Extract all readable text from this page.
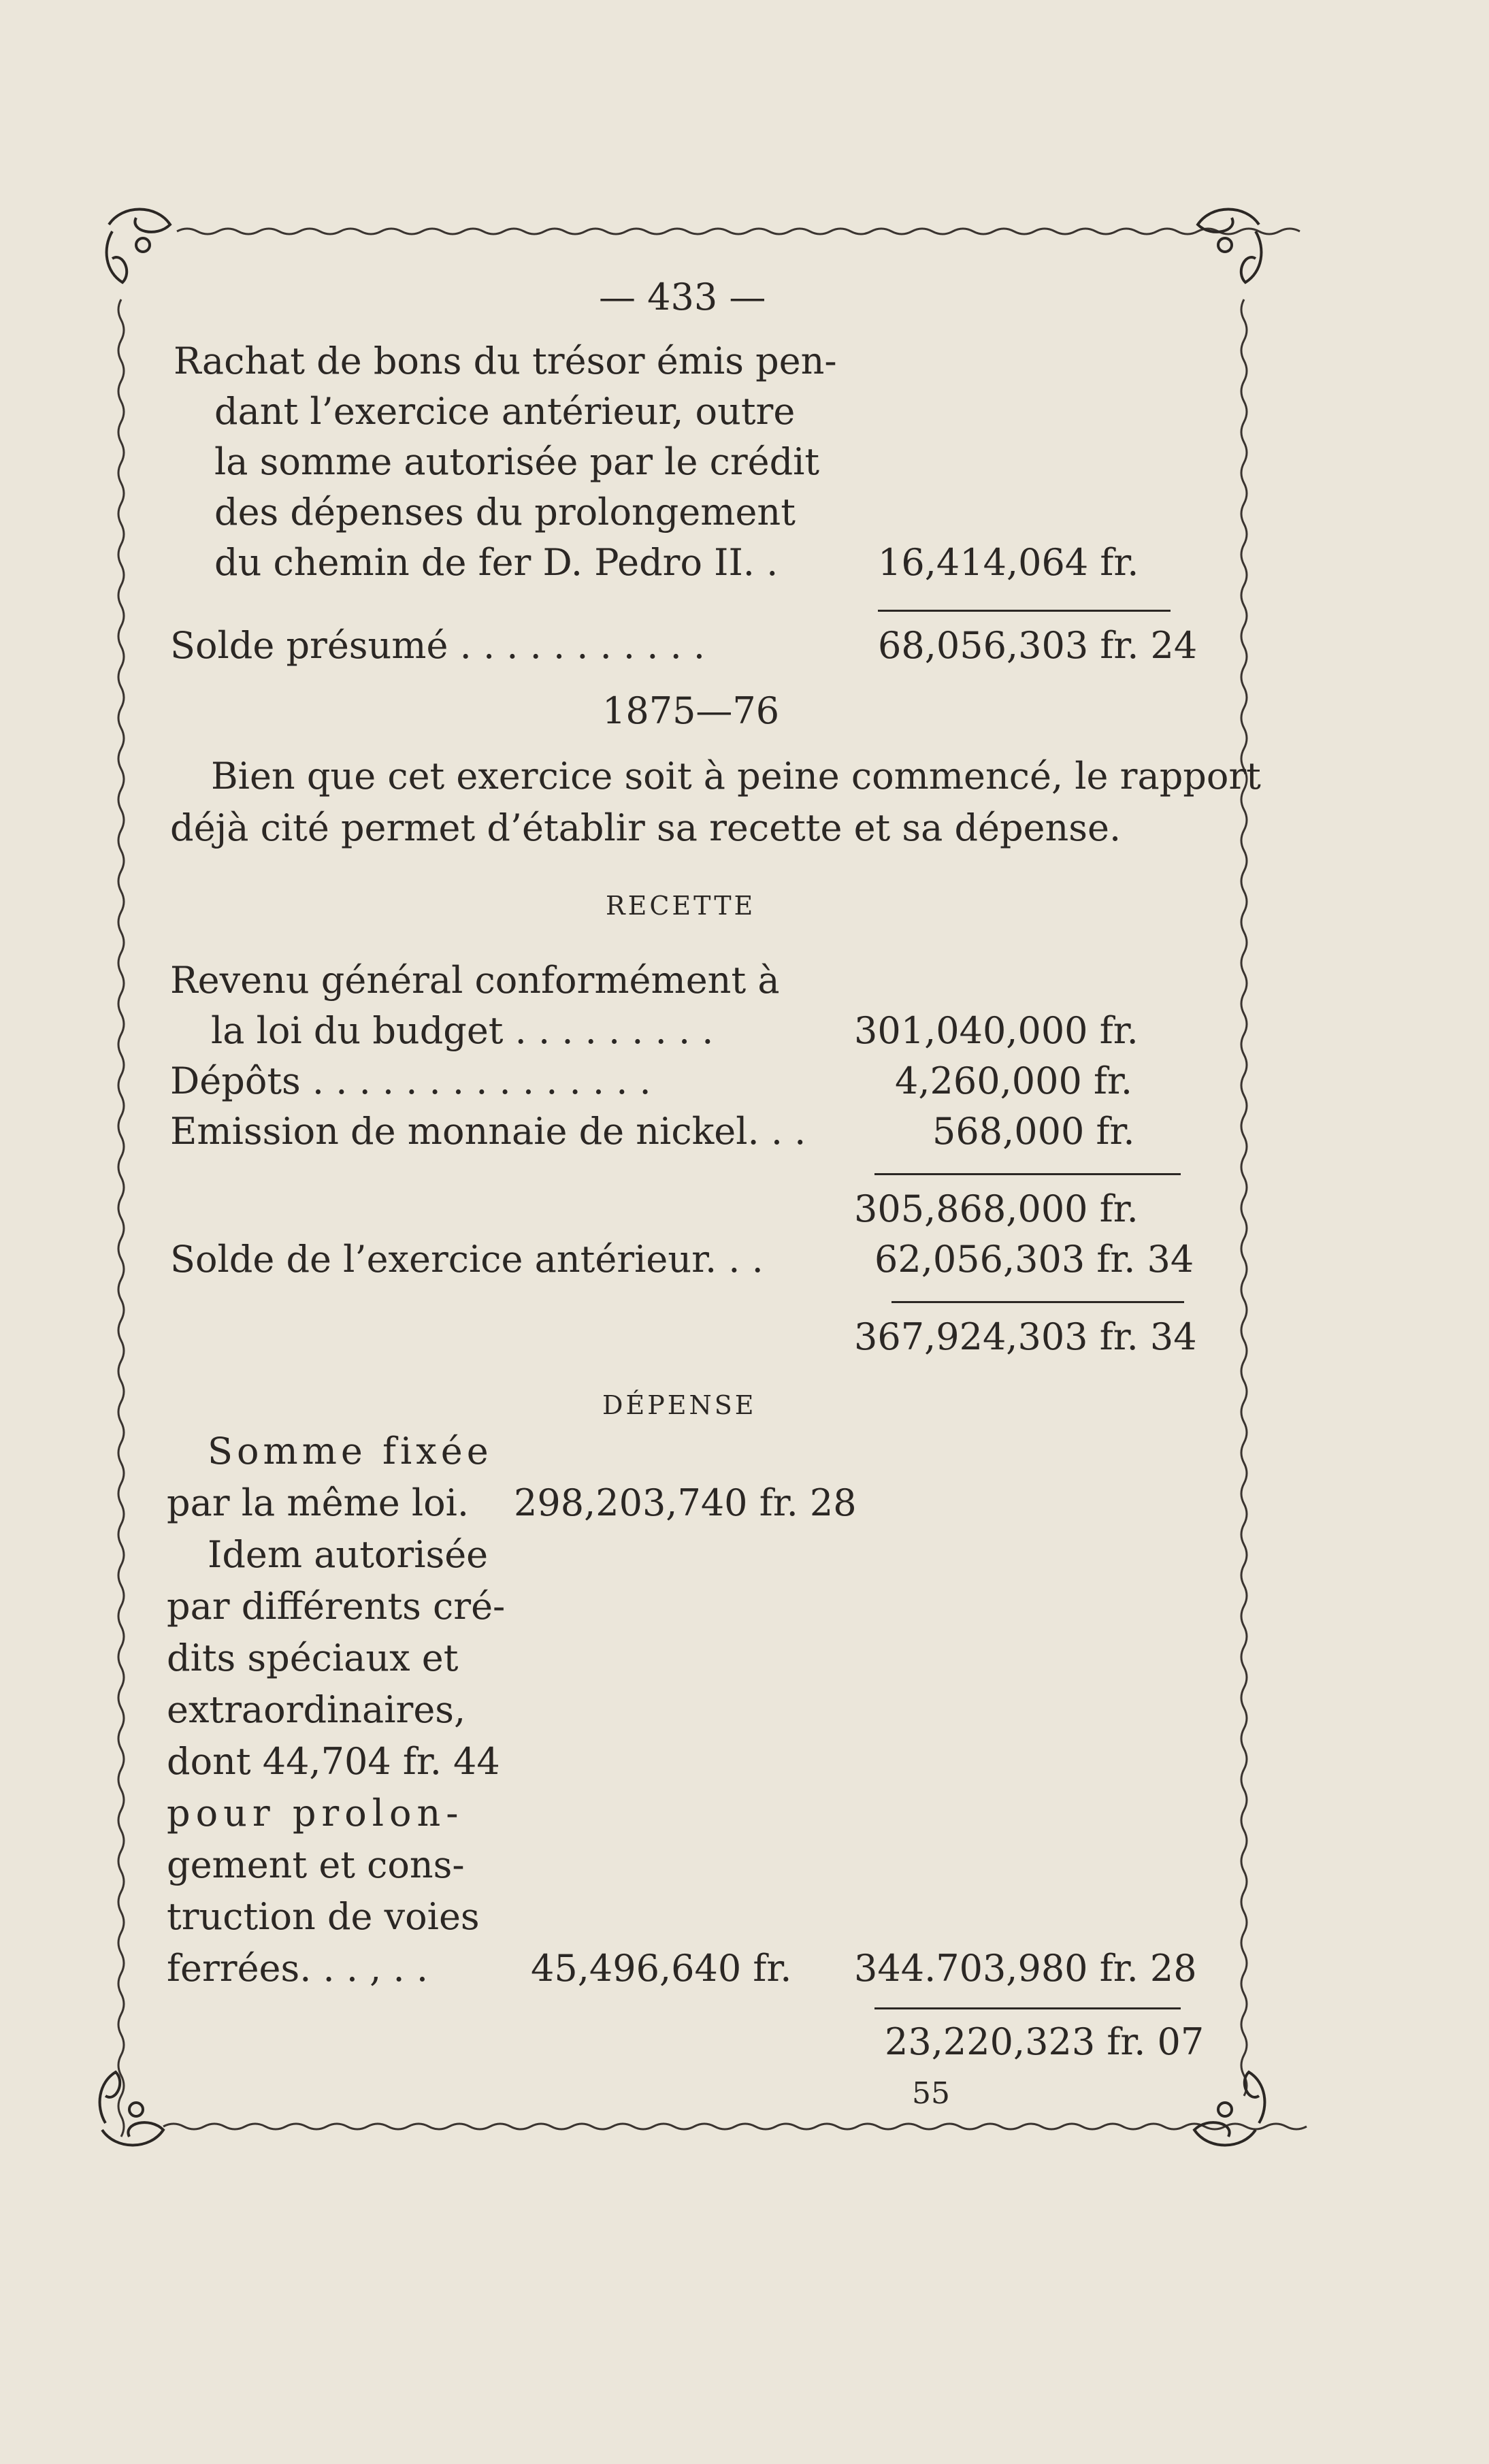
— 433 —
Rachat de bons du trésor émis pen-
dant l’exercice antérieur, outre
la somme autorisée par le crédit
des dépenses du prolongement
du chemin de fer D. Pedro II. .	16,414,064 fr.
Solde présumé . . . . . . . . . . .	68,056,303 fr. 24
1875—76
Bien que cet exercice soit à peine commencé, le rapport
déjà cité permet d’établir sa recette et sa dépense.
RECETTE
Revenu général conformément à
la loi du budget . . . . . . . . .	301,040,000 fr.
Dépôts . . . . . . . . . . . . . . .	4,260,000 fr.
Emission de monnaie de nickel. . .	568,000 fr.
305,868,000 fr.
Solde de l’exercice antérieur. . .	62,056,303 fr. 34
367,924,303 fr. 34
DÉPENSE
Somme fixée
par la même loi. 298,203,740 fr. 28
Idem autorisée
par différents cré-
dits spéciaux et
extraordinaires,
dont 44,704 fr. 44
pour prolon-
gement et cons-
truction de voies
ferrées. . . , . .	45,496,640 fr. 344.703,980 fr. 28
23,220,323 fr. 07
55
